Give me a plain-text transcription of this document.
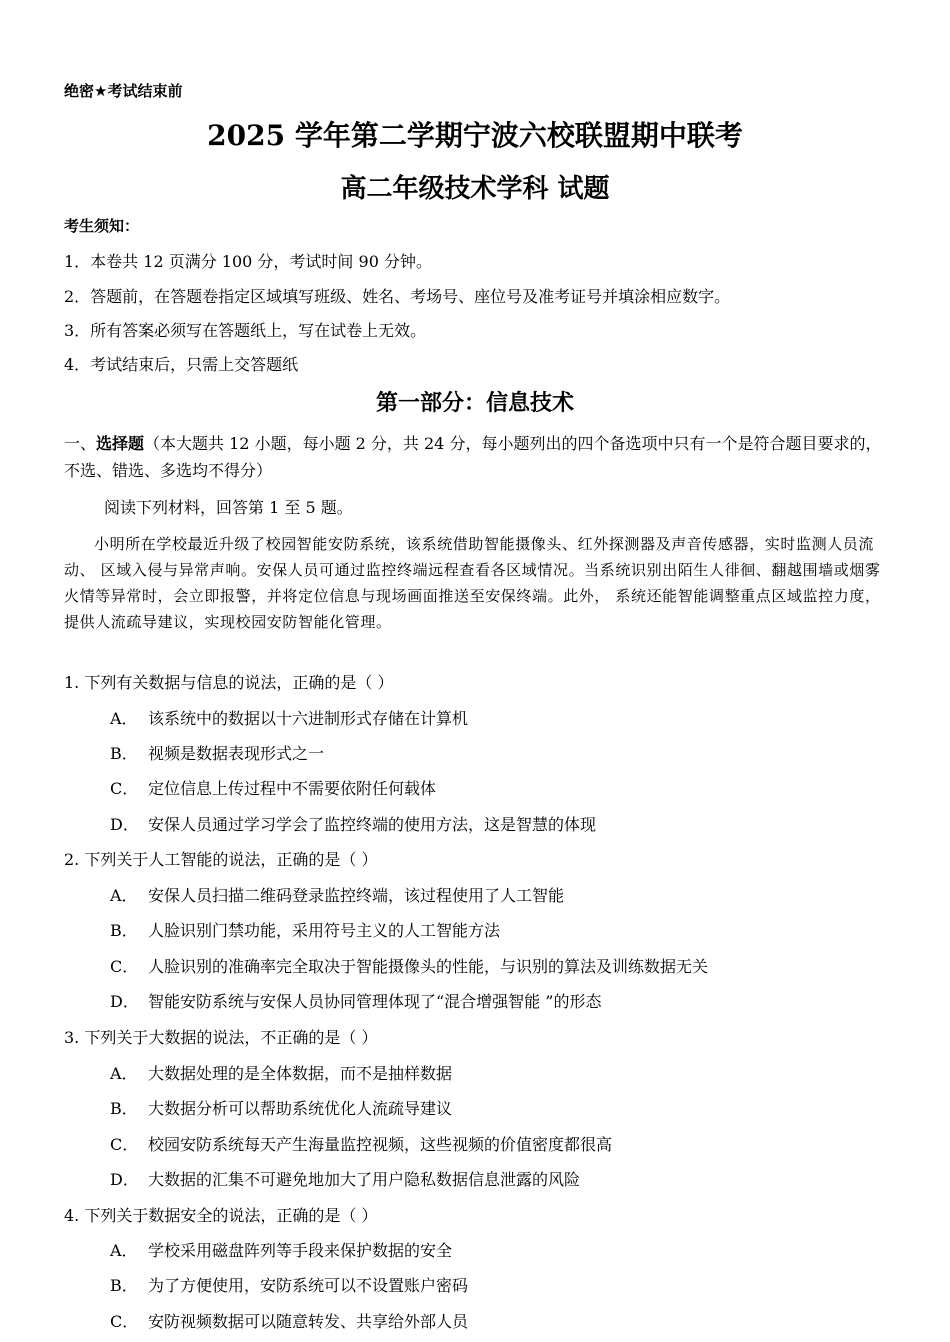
绝密★考试结束前
2025 学年第二学期宁波六校联盟期中联考
高二年级技术学科 试题
考生须知：
1．本卷共 12 页满分 100 分，考试时间 90 分钟。
2．答题前，在答题卷指定区域填写班级、姓名、考场号、座位号及准考证号并填涂相应数字。
3．所有答案必须写在答题纸上，写在试卷上无效。
4．考试结束后，只需上交答题纸
第一部分：信息技术
一、选择题（本大题共 12 小题，每小题 2 分，共 24 分，每小题列出的四个备选项中只有一个是符合题目要求的，不选、错选、多选均不得分）
阅读下列材料，回答第 1 至 5 题。
小明所在学校最近升级了校园智能安防系统，该系统借助智能摄像头、红外探测器及声音传感器，实时监测人员流动、 区域入侵与异常声响。安保人员可通过监控终端远程查看各区域情况。当系统识别出陌生人徘徊、翻越围墙或烟雾火情等异常时，会立即报警，并将定位信息与现场画面推送至安保终端。此外， 系统还能智能调整重点区域监控力度，提供人流疏导建议，实现校园安防智能化管理。
1. 下列有关数据与信息的说法，正确的是（ ）
A． 该系统中的数据以十六进制形式存储在计算机
B． 视频是数据表现形式之一
C． 定位信息上传过程中不需要依附任何载体
D． 安保人员通过学习学会了监控终端的使用方法，这是智慧的体现
2. 下列关于人工智能的说法，正确的是（ ）
A． 安保人员扫描二维码登录监控终端，该过程使用了人工智能
B． 人脸识别门禁功能，采用符号主义的人工智能方法
C． 人脸识别的准确率完全取决于智能摄像头的性能，与识别的算法及训练数据无关
D． 智能安防系统与安保人员协同管理体现了“混合增强智能 ”的形态
3. 下列关于大数据的说法，不正确的是（ ）
A． 大数据处理的是全体数据，而不是抽样数据
B． 大数据分析可以帮助系统优化人流疏导建议
C． 校园安防系统每天产生海量监控视频，这些视频的价值密度都很高
D． 大数据的汇集不可避免地加大了用户隐私数据信息泄露的风险
4. 下列关于数据安全的说法，正确的是（ ）
A． 学校采用磁盘阵列等手段来保护数据的安全
B． 为了方便使用，安防系统可以不设置账户密码
C． 安防视频数据可以随意转发、共享给外部人员
